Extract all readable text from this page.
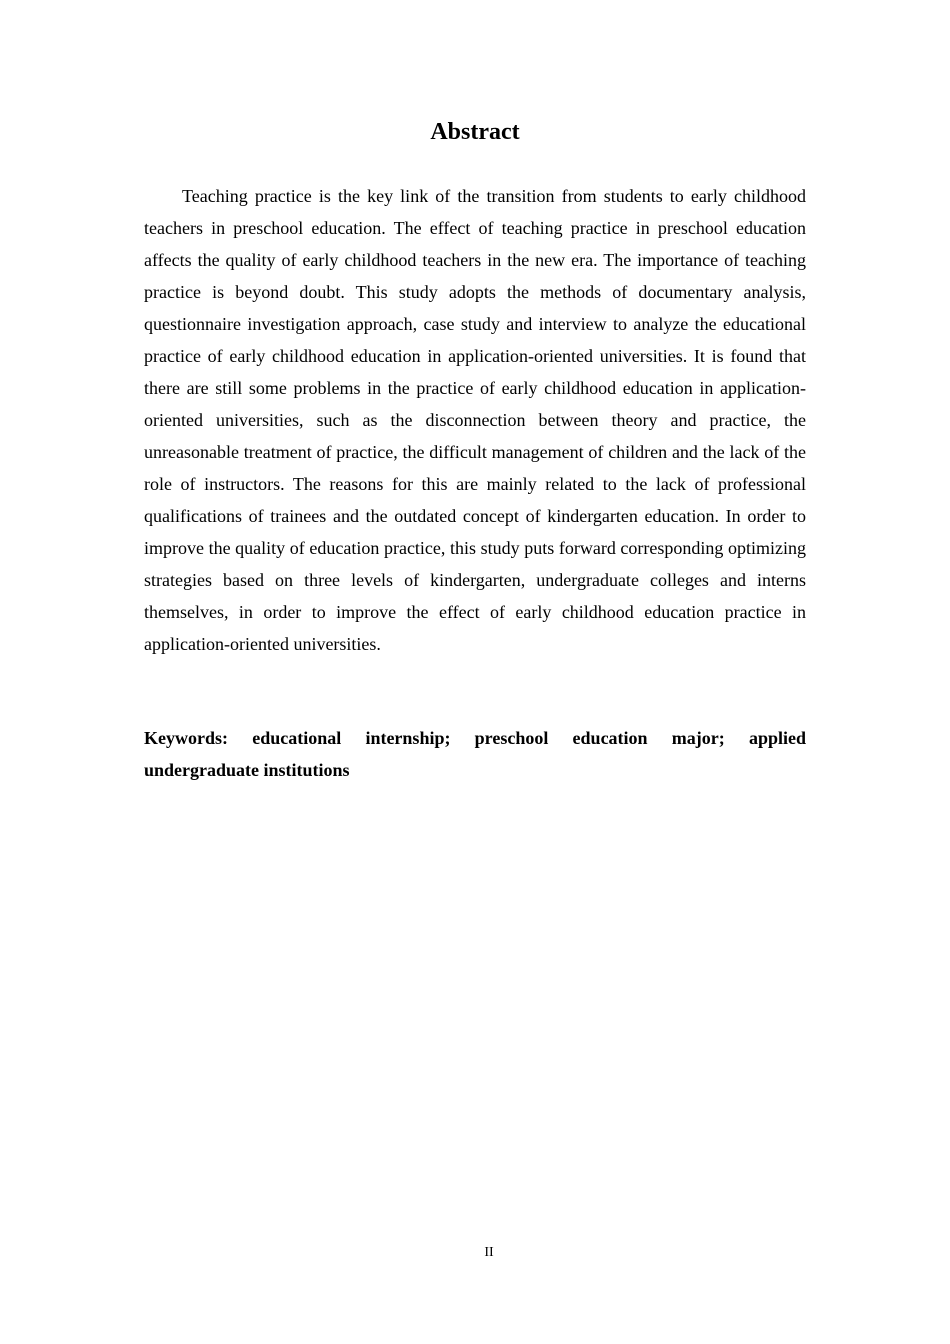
Abstract

Teaching practice is the key link of the transition from students to early childhood teachers in preschool education. The effect of teaching practice in preschool education affects the quality of early childhood teachers in the new era. The importance of teaching practice is beyond doubt. This study adopts the methods of documentary analysis, questionnaire investigation approach, case study and interview to analyze the educational practice of early childhood education in application-oriented universities. It is found that there are still some problems in the practice of early childhood education in application-oriented universities, such as the disconnection between theory and practice, the unreasonable treatment of practice, the difficult management of children and the lack of the role of instructors. The reasons for this are mainly related to the lack of professional qualifications of trainees and the outdated concept of kindergarten education. In order to improve the quality of education practice, this study puts forward corresponding optimizing strategies based on three levels of kindergarten, undergraduate colleges and interns themselves, in order to improve the effect of early childhood education practice in application-oriented universities.

Keywords: educational internship; preschool education major; applied undergraduate institutions

II
